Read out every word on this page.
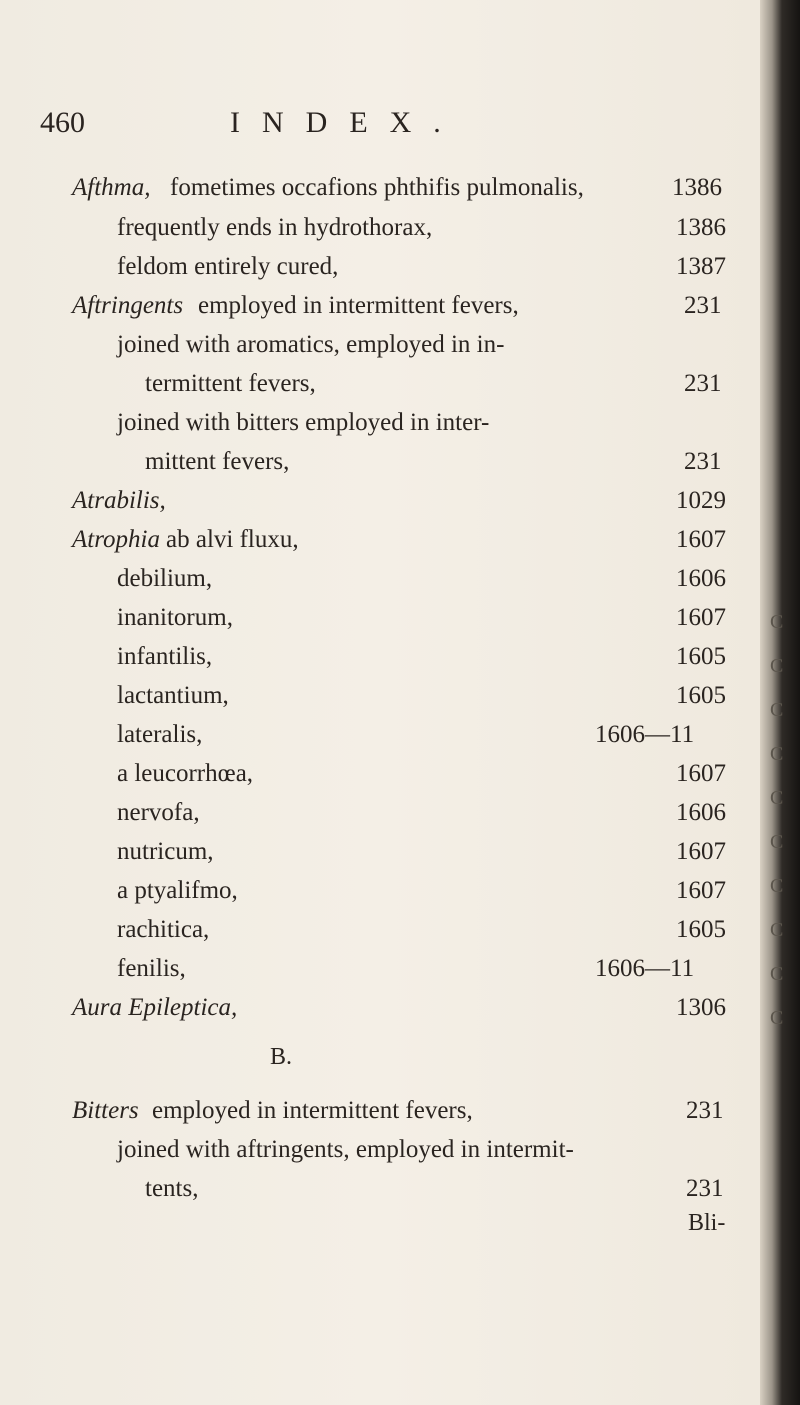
460	INDEX.
Afthma, fometimes occafions phthifis pulmonalis,	1386
frequently ends in hydrothorax,	1386
feldom entirely cured,	1387
Aftringents employed in intermittent fevers,	231
joined with aromatics, employed in in-
termittent fevers,	231
joined with bitters employed in inter-
mittent fevers,	231
Atrabilis,	1029
Atrophia ab alvi fluxu,	1607
debilium,	1606
inanitorum,	1607
infantilis,	1605
lactantium,	1605
lateralis,	1606—11
a leucorrhœa,	1607
nervofa,	1606
nutricum,	1607
a ptyalifmo,	1607
rachitica,	1605
fenilis,	1606—11
Aura Epileptica,	1306
B.
Bitters employed in intermittent fevers,	231
joined with aftringents, employed in intermit-
tents,	231
Bli-
C
C
C
C
C
C
C
C
C
C
